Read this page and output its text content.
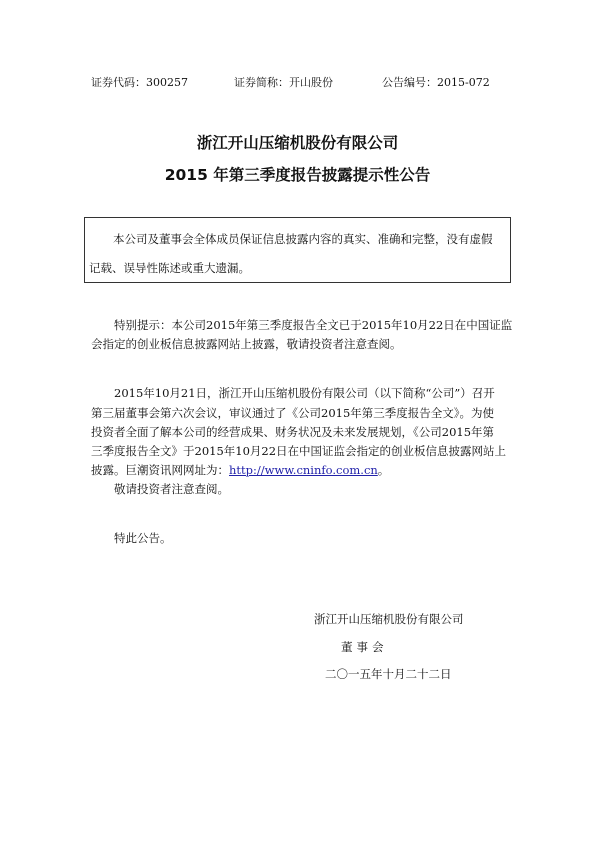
证券代码：300257	证券简称：开山股份	公告编号：2015-072
浙江开山压缩机股份有限公司
2015 年第三季度报告披露提示性公告
本公司及董事会全体成员保证信息披露内容的真实、准确和完整，没有虚假
记载、误导性陈述或重大遗漏。
特别提示：本公司2015年第三季度报告全文已于2015年10月22日在中国证监
会指定的创业板信息披露网站上披露，敬请投资者注意查阅。
2015年10月21日，浙江开山压缩机股份有限公司（以下简称“公司”）召开
第三届董事会第六次会议，审议通过了《公司2015年第三季度报告全文》。为使
投资者全面了解本公司的经营成果、财务状况及未来发展规划，《公司2015年第
三季度报告全文》于2015年10月22日在中国证监会指定的创业板信息披露网站上
披露。巨潮资讯网网址为：http://www.cninfo.com.cn。
敬请投资者注意查阅。
特此公告。
浙江开山压缩机股份有限公司
董事会
二〇一五年十月二十二日
